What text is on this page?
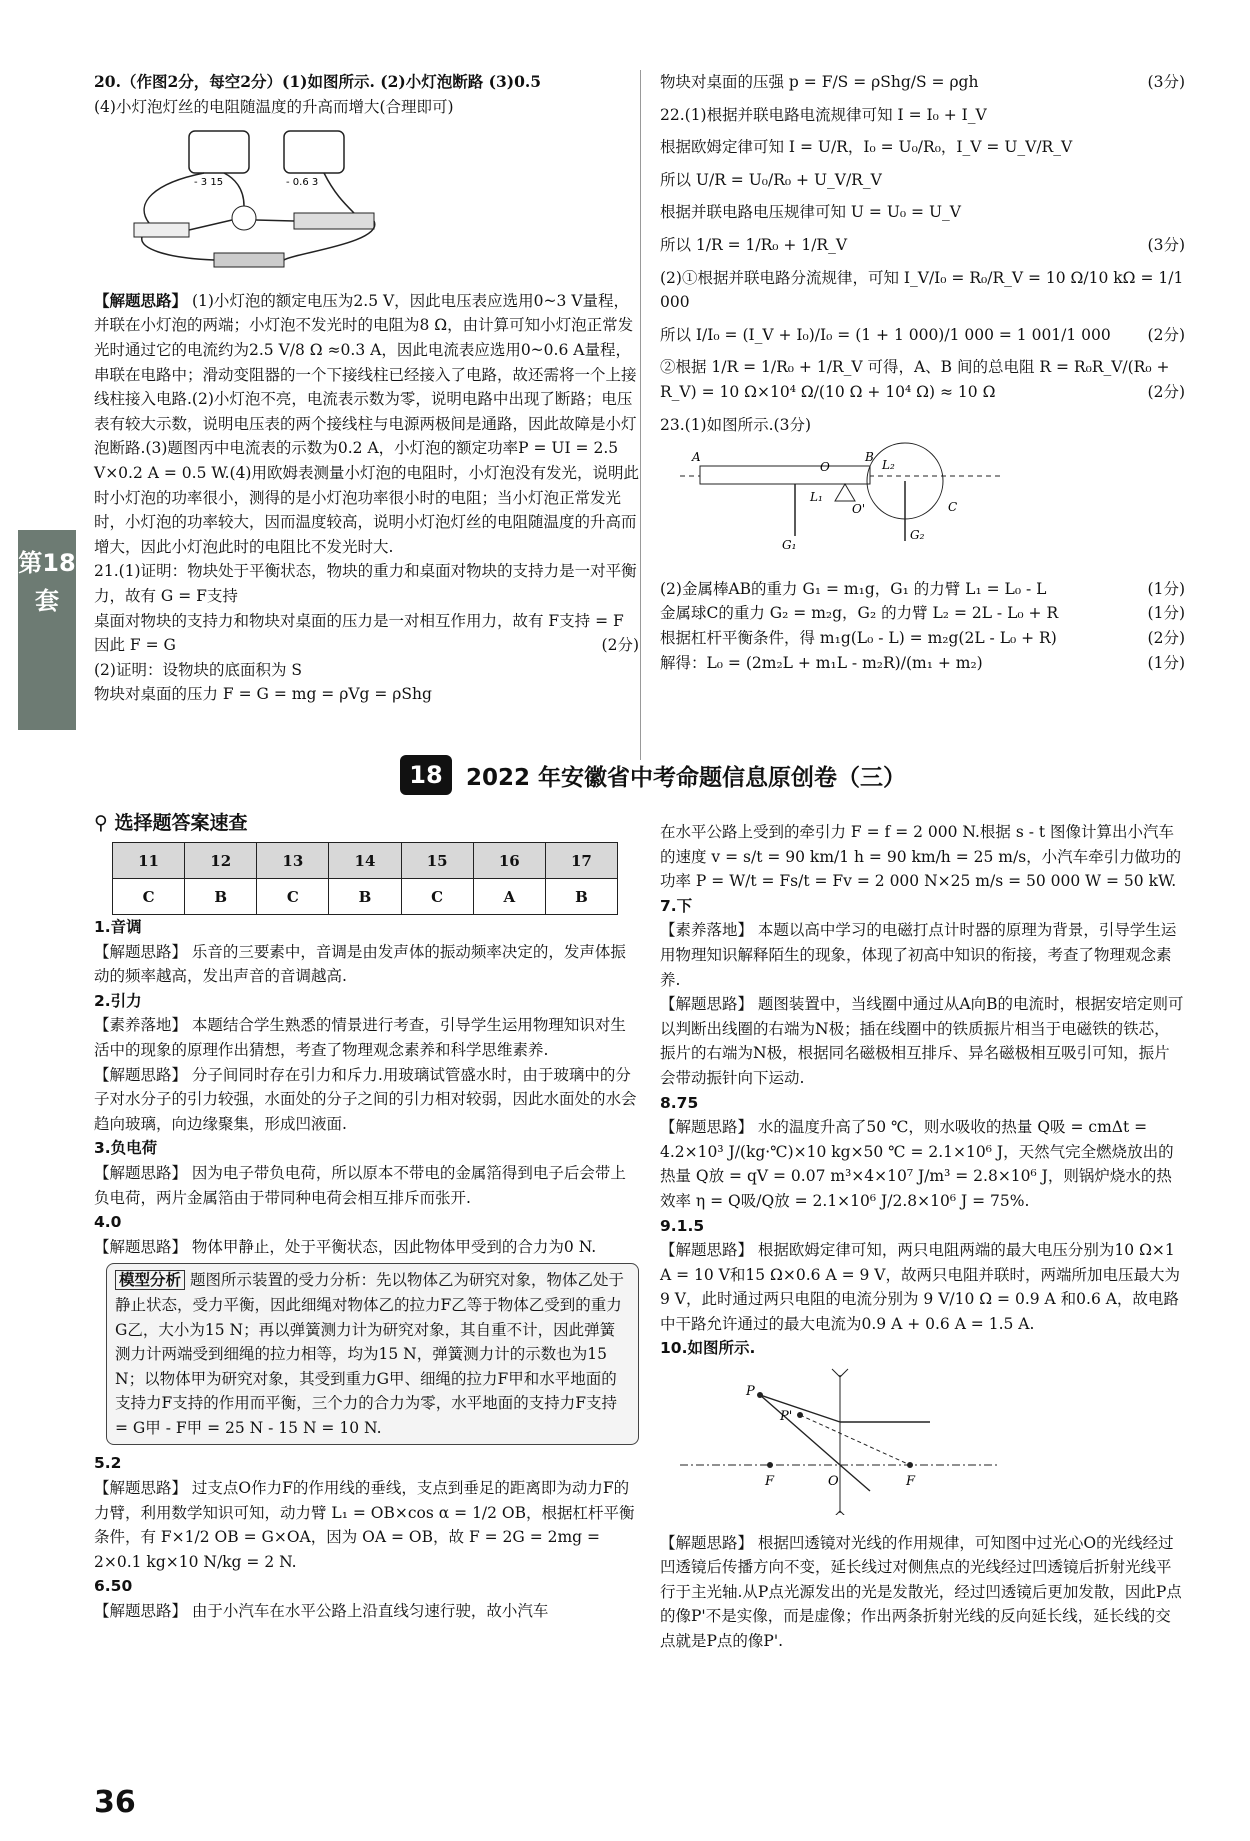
第18套

20.（作图2分，每空2分）(1)如图所示. (2)小灯泡断路 (3)0.5

(4)小灯泡灯丝的电阻随温度的升高而增大(合理即可)

- 3 15	- 0.6 3

【解题思路】 (1)小灯泡的额定电压为2.5 V，因此电压表应选用0~3 V量程，并联在小灯泡的两端；小灯泡不发光时的电阻为8 Ω，由计算可知小灯泡正常发光时通过它的电流约为2.5 V/8 Ω ≈0.3 A，因此电流表应选用0~0.6 A量程，串联在电路中；滑动变阻器的一个下接线柱已经接入了电路，故还需将一个上接线柱接入电路.(2)小灯泡不亮，电流表示数为零，说明电路中出现了断路；电压表有较大示数，说明电压表的两个接线柱与电源两极间是通路，因此故障是小灯泡断路.(3)题图丙中电流表的示数为0.2 A，小灯泡的额定功率P = UI = 2.5 V×0.2 A = 0.5 W.(4)用欧姆表测量小灯泡的电阻时，小灯泡没有发光，说明此时小灯泡的功率很小，测得的是小灯泡功率很小时的电阻；当小灯泡正常发光时，小灯泡的功率较大，因而温度较高，说明小灯泡灯丝的电阻随温度的升高而增大，因此小灯泡此时的电阻比不发光时大.

21.(1)证明：物块处于平衡状态，物块的重力和桌面对物块的支持力是一对平衡力，故有 G = F支持

桌面对物块的支持力和物块对桌面的压力是一对相互作用力，故有 F支持 = F

因此 F = G	(2分)

(2)证明：设物块的底面积为 S

物块对桌面的压力 F = G = mg = ρVg = ρShg

物块对桌面的压强 p = F/S = ρShg/S = ρgh	(3分)

22.(1)根据并联电路电流规律可知 I = I₀ + I_V

根据欧姆定律可知 I = U/R，I₀ = U₀/R₀，I_V = U_V/R_V

所以 U/R = U₀/R₀ + U_V/R_V

根据并联电路电压规律可知 U = U₀ = U_V

所以 1/R = 1/R₀ + 1/R_V	(3分)

(2)①根据并联电路分流规律，可知 I_V/I₀ = R₀/R_V = 10 Ω/10 kΩ = 1/1 000

所以 I/I₀ = (I_V + I₀)/I₀ = (1 + 1 000)/1 000 = 1 001/1 000 (2分)

②根据 1/R = 1/R₀ + 1/R_V 可得，A、B 间的总电阻 R = R₀R_V/(R₀ + R_V) = 10 Ω×10⁴ Ω/(10 Ω + 10⁴ Ω) ≈ 10 Ω	(2分)

23.(1)如图所示.(3分)

A	B
O	L₂
L₁
O'
G₁
G₂
C

(2)金属棒AB的重力 G₁ = m₁g，G₁ 的力臂 L₁ = L₀ - L	(1分)

金属球C的重力 G₂ = m₂g，G₂ 的力臂 L₂ = 2L - L₀ + R	(1分)

根据杠杆平衡条件，得 m₁g(L₀ - L) = m₂g(2L - L₀ + R)	(2分)

解得：L₀ = (2m₂L + m₁L - m₂R)/(m₁ + m₂)	(1分)

18	2022 年安徽省中考命题信息原创卷（三）
⚲ 选择题答案速查
11	12	13	14	15	16	17
C	B	C	B	C	A	B

1.音调

【解题思路】 乐音的三要素中，音调是由发声体的振动频率决定的，发声体振动的频率越高，发出声音的音调越高.

2.引力

【素养落地】 本题结合学生熟悉的情景进行考查，引导学生运用物理知识对生活中的现象的原理作出猜想，考查了物理观念素养和科学思维素养.

【解题思路】 分子间同时存在引力和斥力.用玻璃试管盛水时，由于玻璃中的分子对水分子的引力较强，水面处的分子之间的引力相对较弱，因此水面处的水会趋向玻璃，向边缘聚集，形成凹液面.

3.负电荷

【解题思路】 因为电子带负电荷，所以原本不带电的金属箔得到电子后会带上负电荷，两片金属箔由于带同种电荷会相互排斥而张开.

4.0

【解题思路】 物体甲静止，处于平衡状态，因此物体甲受到的合力为0 N.

模型分析 题图所示装置的受力分析：先以物体乙为研究对象，物体乙处于静止状态，受力平衡，因此细绳对物体乙的拉力F乙等于物体乙受到的重力G乙，大小为15 N；再以弹簧测力计为研究对象，其自重不计，因此弹簧测力计两端受到细绳的拉力相等，均为15 N，弹簧测力计的示数也为15 N；以物体甲为研究对象，其受到重力G甲、细绳的拉力F甲和水平地面的支持力F支持的作用而平衡，三个力的合力为零，水平地面的支持力F支持 = G甲 - F甲 = 25 N - 15 N = 10 N.

5.2

【解题思路】 过支点O作力F的作用线的垂线，支点到垂足的距离即为动力F的力臂，利用数学知识可知，动力臂 L₁ = OB×cos α = 1/2 OB，根据杠杆平衡条件，有 F×1/2 OB = G×OA，因为 OA = OB，故 F = 2G = 2mg = 2×0.1 kg×10 N/kg = 2 N.

6.50

【解题思路】 由于小汽车在水平公路上沿直线匀速行驶，故小汽车

在水平公路上受到的牵引力 F = f = 2 000 N.根据 s - t 图像计算出小汽车的速度 v = s/t = 90 km/1 h = 90 km/h = 25 m/s，小汽车牵引力做功的功率 P = W/t = Fs/t = Fv = 2 000 N×25 m/s = 50 000 W = 50 kW.

7.下

【素养落地】 本题以高中学习的电磁打点计时器的原理为背景，引导学生运用物理知识解释陌生的现象，体现了初高中知识的衔接，考查了物理观念素养.

【解题思路】 题图装置中，当线圈中通过从A向B的电流时，根据安培定则可以判断出线圈的右端为N极；插在线圈中的铁质振片相当于电磁铁的铁芯，振片的右端为N极，根据同名磁极相互排斥、异名磁极相互吸引可知，振片会带动振针向下运动.

8.75

【解题思路】 水的温度升高了50 ℃，则水吸收的热量 Q吸 = cmΔt = 4.2×10³ J/(kg·℃)×10 kg×50 ℃ = 2.1×10⁶ J，天然气完全燃烧放出的热量 Q放 = qV = 0.07 m³×4×10⁷ J/m³ = 2.8×10⁶ J，则锅炉烧水的热效率 η = Q吸/Q放 = 2.1×10⁶ J/2.8×10⁶ J = 75%.

9.1.5

【解题思路】 根据欧姆定律可知，两只电阻两端的最大电压分别为10 Ω×1 A = 10 V和15 Ω×0.6 A = 9 V，故两只电阻并联时，两端所加电压最大为9 V，此时通过两只电阻的电流分别为 9 V/10 Ω = 0.9 A 和0.6 A，故电路中干路允许通过的最大电流为0.9 A + 0.6 A = 1.5 A.

10.如图所示.

P
P'
F	O	F

【解题思路】 根据凹透镜对光线的作用规律，可知图中过光心O的光线经过凹透镜后传播方向不变，延长线过对侧焦点的光线经过凹透镜后折射光线平行于主光轴.从P点光源发出的光是发散光，经过凹透镜后更加发散，因此P点的像P'不是实像，而是虚像；作出两条折射光线的反向延长线，延长线的交点就是P点的像P'.

36
